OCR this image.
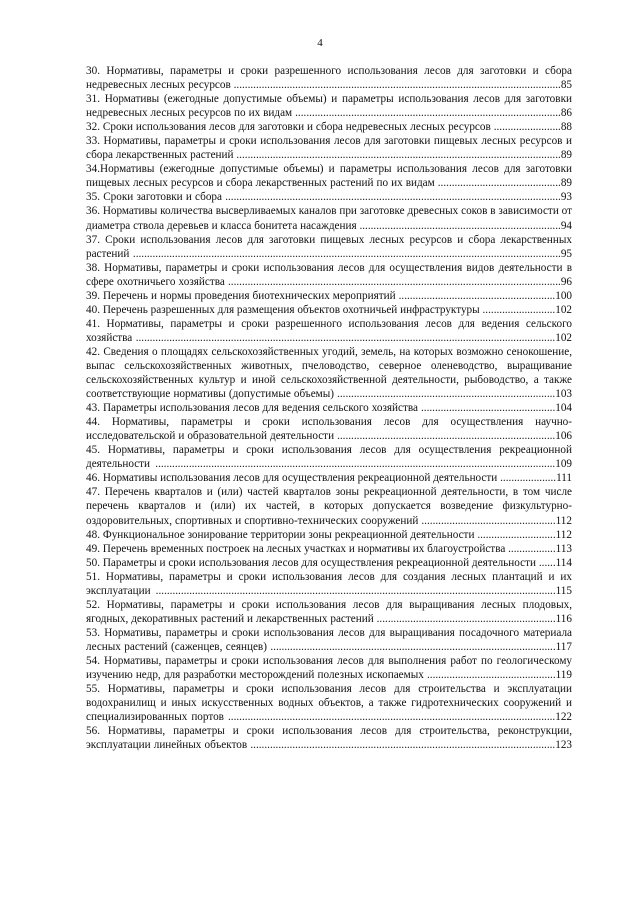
4
30. Нормативы, параметры и сроки разрешенного использования лесов для заготовки и сбора недревесных лесных ресурсов .....................................................................................................................85
31. Нормативы (ежегодные допустимые объемы) и параметры использования лесов для заготовки недревесных лесных ресурсов по их видам ...............................................................................................86
32. Сроки использования лесов для заготовки и сбора недревесных лесных ресурсов ........................88
33. Нормативы, параметры и сроки использования лесов для заготовки пищевых лесных ресурсов и сбора лекарственных растений ....................................................................................................................89
34.Нормативы (ежегодные допустимые объемы) и параметры использования лесов для заготовки пищевых лесных ресурсов и сбора лекарственных растений по их видам ............................................89
35. Сроки заготовки и сбора ........................................................................................................................93
36. Нормативы количества высверливаемых каналов при заготовке древесных соков в зависимости от диаметра ствола деревьев и класса бонитета насаждения ........................................................................94
37. Сроки использования лесов для заготовки пищевых лесных ресурсов и сбора лекарственных растений .........................................................................................................................................................95
38. Нормативы, параметры и сроки использования лесов для осуществления видов деятельности в сфере охотничьего хозяйства .......................................................................................................................96
39. Перечень и нормы проведения биотехнических мероприятий ........................................................100
40. Перечень разрешенных для размещения объектов охотничьей инфраструктуры ..........................102
41. Нормативы, параметры и сроки разрешенного использования лесов для ведения сельского хозяйства ......................................................................................................................................................102
42. Сведения о площадях сельскохозяйственных угодий, земель, на которых возможно сенокошение, выпас сельскохозяйственных животных, пчеловодство, северное оленеводство, выращивание сельскохозяйственных культур и иной сельскохозяйственной деятельности, рыбоводство, а также соответствующие нормативы (допустимые объемы) ..............................................................................103
43. Параметры использования лесов для ведения сельского хозяйства ................................................104
44. Нормативы, параметры и сроки использования лесов для осуществления научно-исследовательской и образовательной деятельности ..............................................................................106
45. Нормативы, параметры и сроки использования лесов для осуществления рекреационной деятельности ...............................................................................................................................................109
46. Нормативы использования лесов для осуществления рекреационной деятельности ....................111
47. Перечень кварталов и (или) частей кварталов зоны рекреационной деятельности, в том числе перечень кварталов и (или) их частей, в которых допускается возведение физкультурно-оздоровительных, спортивных и спортивно-технических сооружений ................................................112
48. Функциональное зонирование территории зоны рекреационной деятельности ............................112
49. Перечень временных построек на лесных участках и нормативы их благоустройства .................113
50. Параметры и сроки использования лесов для осуществления рекреационной деятельности ......114
51. Нормативы, параметры и сроки использования лесов для создания лесных плантаций и их эксплуатации ...............................................................................................................................................115
52. Нормативы, параметры и сроки использования лесов для выращивания лесных плодовых, ягодных, декоративных растений и лекарственных растений ................................................................116
53. Нормативы, параметры и сроки использования лесов для выращивания посадочного материала лесных растений (саженцев, сеянцев) ......................................................................................................117
54. Нормативы, параметры и сроки использования лесов для выполнения работ по геологическому изучению недр, для разработки месторождений полезных ископаемых ..............................................119
55. Нормативы, параметры и сроки использования лесов для строительства и эксплуатации водохранилищ и иных искусственных водных объектов, а также гидротехнических сооружений и специализированных портов .....................................................................................................................122
56. Нормативы, параметры и сроки использования лесов для строительства, реконструкции, эксплуатации линейных объектов .............................................................................................................123
